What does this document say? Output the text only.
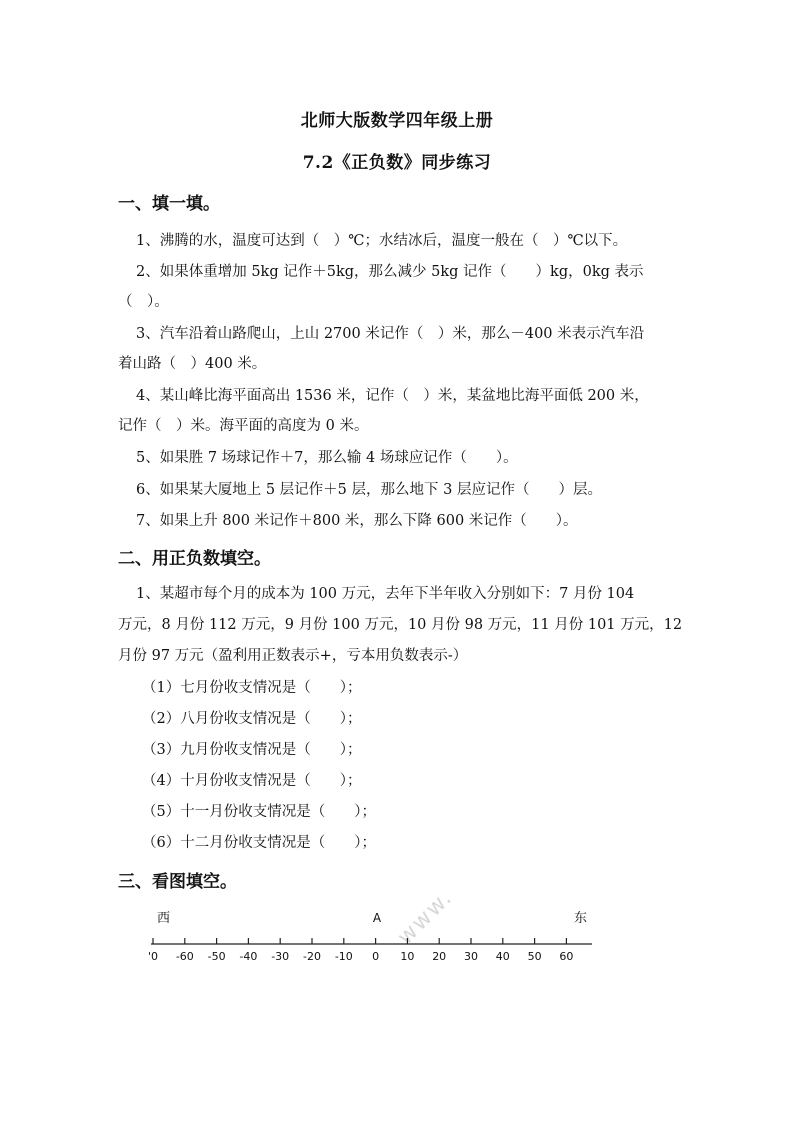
北师大版数学四年级上册
7.2《正负数》同步练习
一、填一填。
1、沸腾的水，温度可达到（　）℃；水结冰后，温度一般在（　）℃以下。
2、如果体重增加 5kg 记作＋5kg，那么减少 5kg 记作（　　）kg，0kg 表示
（　）。
3、汽车沿着山路爬山，上山 2700 米记作（　）米，那么－400 米表示汽车沿
着山路（　）400 米。
4、某山峰比海平面高出 1536 米，记作（　）米，某盆地比海平面低 200 米，
记作（　）米。海平面的高度为 0 米。
5、如果胜 7 场球记作＋7，那么输 4 场球应记作（　　）。
6、如果某大厦地上 5 层记作＋5 层，那么地下 3 层应记作（　　）层。
7、如果上升 800 米记作＋800 米，那么下降 600 米记作（　　）。
二、用正负数填空。
1、某超市每个月的成本为 100 万元，去年下半年收入分别如下：7 月份 104
万元，8 月份 112 万元，9 月份 100 万元，10 月份 98 万元，11 月份 101 万元，12
月份 97 万元（盈利用正数表示+，亏本用负数表示-）
（1）七月份收支情况是（　　）；
（2）八月份收支情况是（　　）；
（3）九月份收支情况是（　　）；
（4）十月份收支情况是（　　）；
（5）十一月份收支情况是（　　）；
（6）十二月份收支情况是（　　）；
三、看图填空。
www.
西	A	东
'0 -60 -50 -40 -30 -20 -10 0 10 20 30 40 50 60
